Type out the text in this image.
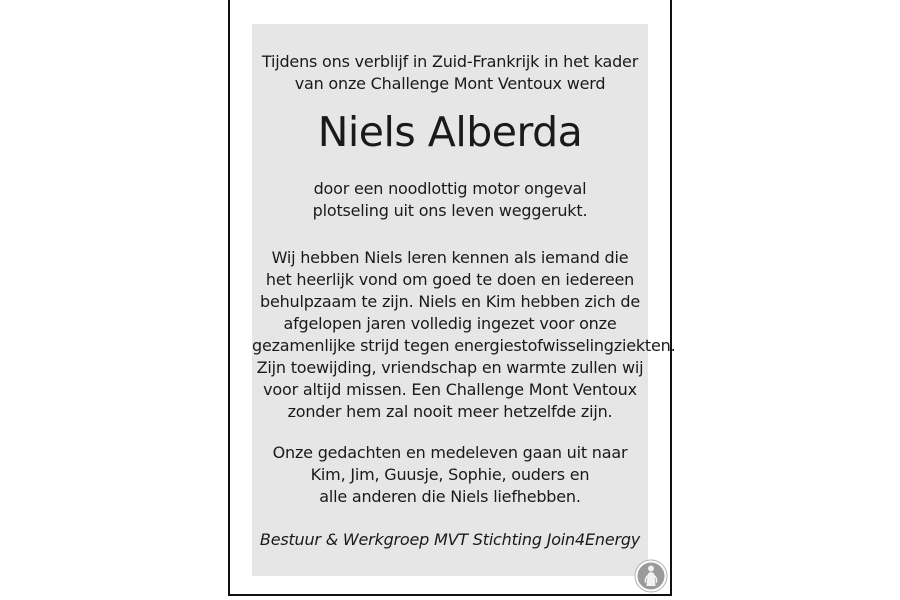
Tijdens ons verblijf in Zuid-Frankrijk in het kader
van onze Challenge Mont Ventoux werd
Niels Alberda
door een noodlottig motor ongeval
plotseling uit ons leven weggerukt.
Wij hebben Niels leren kennen als iemand die
het heerlijk vond om goed te doen en iedereen
behulpzaam te zijn. Niels en Kim hebben zich de
afgelopen jaren volledig ingezet voor onze
gezamenlijke strijd tegen energiestofwisselingziekten.
Zijn toewijding, vriendschap en warmte zullen wij
voor altijd missen. Een Challenge Mont Ventoux
zonder hem zal nooit meer hetzelfde zijn.
Onze gedachten en medeleven gaan uit naar
Kim, Jim, Guusje, Sophie, ouders en
alle anderen die Niels liefhebben.
Bestuur & Werkgroep MVT Stichting Join4Energy
